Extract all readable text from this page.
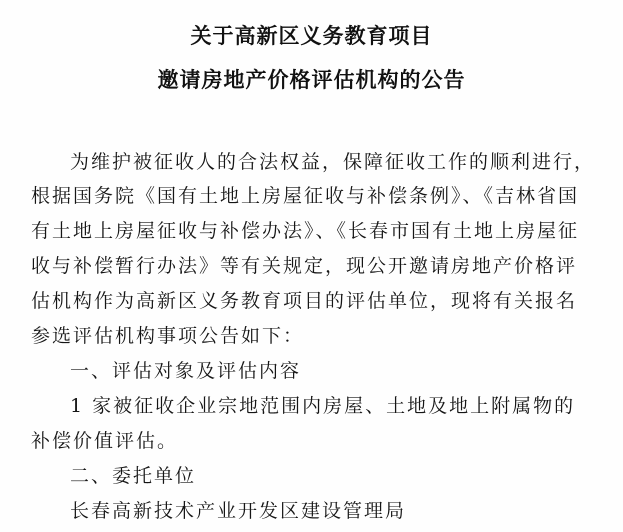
关于高新区义务教育项目
邀请房地产价格评估机构的公告
为维护被征收人的合法权益，保障征收工作的顺利进行，
根据国务院《国有土地上房屋征收与补偿条例》、《吉林省国
有土地上房屋征收与补偿办法》、《长春市国有土地上房屋征
收与补偿暂行办法》等有关规定，现公开邀请房地产价格评
估机构作为高新区义务教育项目的评估单位，现将有关报名
参选评估机构事项公告如下：
一、评估对象及评估内容
1 家被征收企业宗地范围内房屋、土地及地上附属物的
补偿价值评估。
二、委托单位
长春高新技术产业开发区建设管理局
